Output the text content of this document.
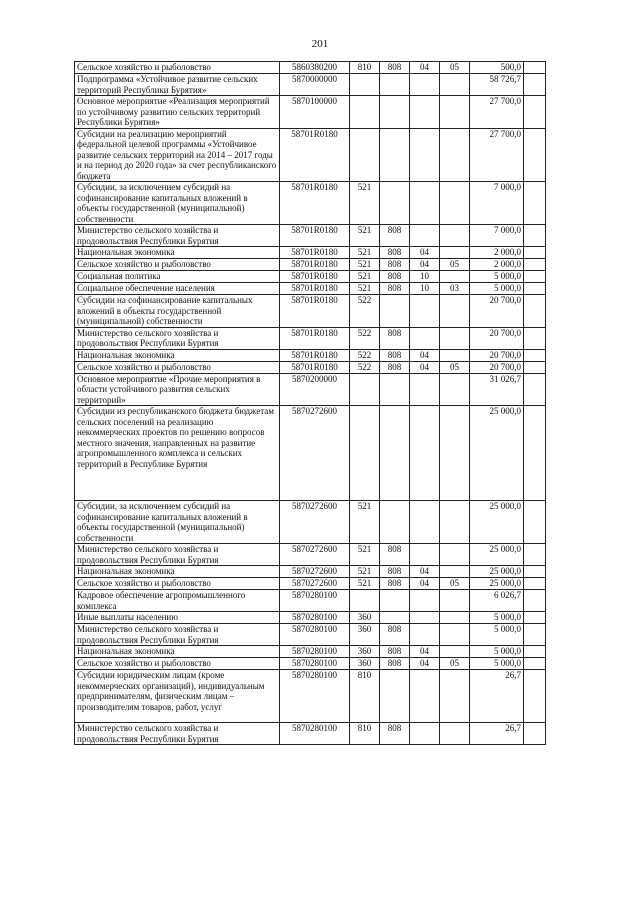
201
Сельское хозяйство и рыболовство	5860380200	810	808	04	05	500,0	
Подпрограмма «Устойчивое развитие сельских территорий Республики Бурятия»	5870000000					58 726,7	
Основное мероприятие «Реализация мероприятий по устойчивому развитию сельских территорий Республики Бурятия»	5870100000					27 700,0	
Субсидии на реализацию мероприятий федеральной целевой программы «Устойчивое развитие сельских территорий на 2014 – 2017 годы и на период до 2020 года» за счет республиканского бюджета	58701R0180					27 700,0	
Субсидии, за исключением субсидий на софинансирование капитальных вложений в объекты государственной (муниципальной) собственности	58701R0180	521				7 000,0	
Министерство сельского хозяйства и продовольствия Республики Бурятия	58701R0180	521	808			7 000,0	
Национальная экономика	58701R0180	521	808	04		2 000,0	
Сельское хозяйство и рыболовство	58701R0180	521	808	04	05	2 000,0	
Социальная политика	58701R0180	521	808	10		5 000,0	
Социальное обеспечение населения	58701R0180	521	808	10	03	5 000,0	
Субсидии на софинансирование капитальных вложений в объекты государственной (муниципальной) собственности	58701R0180	522				20 700,0	
Министерство сельского хозяйства и продовольствия Республики Бурятия	58701R0180	522	808			20 700,0	
Национальная экономика	58701R0180	522	808	04		20 700,0	
Сельское хозяйство и рыболовство	58701R0180	522	808	04	05	20 700,0	
Основное мероприятие «Прочие мероприятия в области устойчивого развития сельских территорий»	5870200000					31 026,7	
Субсидии из республиканского бюджета бюджетам сельских поселений на реализацию некоммерческих проектов по решению вопросов местного значения, направленных на развитие агропромышленного комплекса и сельских территорий в Республике Бурятия	5870272600					25 000,0	
Субсидии, за исключением субсидий на софинансирование капитальных вложений в объекты государственной (муниципальной) собственности	5870272600	521				25 000,0	
Министерство сельского хозяйства и продовольствия Республики Бурятия	5870272600	521	808			25 000,0	
Национальная экономика	5870272600	521	808	04		25 000,0	
Сельское хозяйство и рыболовство	5870272600	521	808	04	05	25 000,0	
Кадровое обеспечение агропромышленного комплекса	5870280100					6 026,7	
Иные выплаты населению	5870280100	360				5 000,0	
Министерство сельского хозяйства и продовольствия Республики Бурятия	5870280100	360	808			5 000,0	
Национальная экономика	5870280100	360	808	04		5 000,0	
Сельское хозяйство и рыболовство	5870280100	360	808	04	05	5 000,0	
Субсидии юридическим лицам (кроме некоммерческих организаций), индивидуальным предпринимателям, физическим лицам – производителям товаров, работ, услуг	5870280100	810				26,7	
Министерство сельского хозяйства и продовольствия Республики Бурятия	5870280100	810	808			26,7	
